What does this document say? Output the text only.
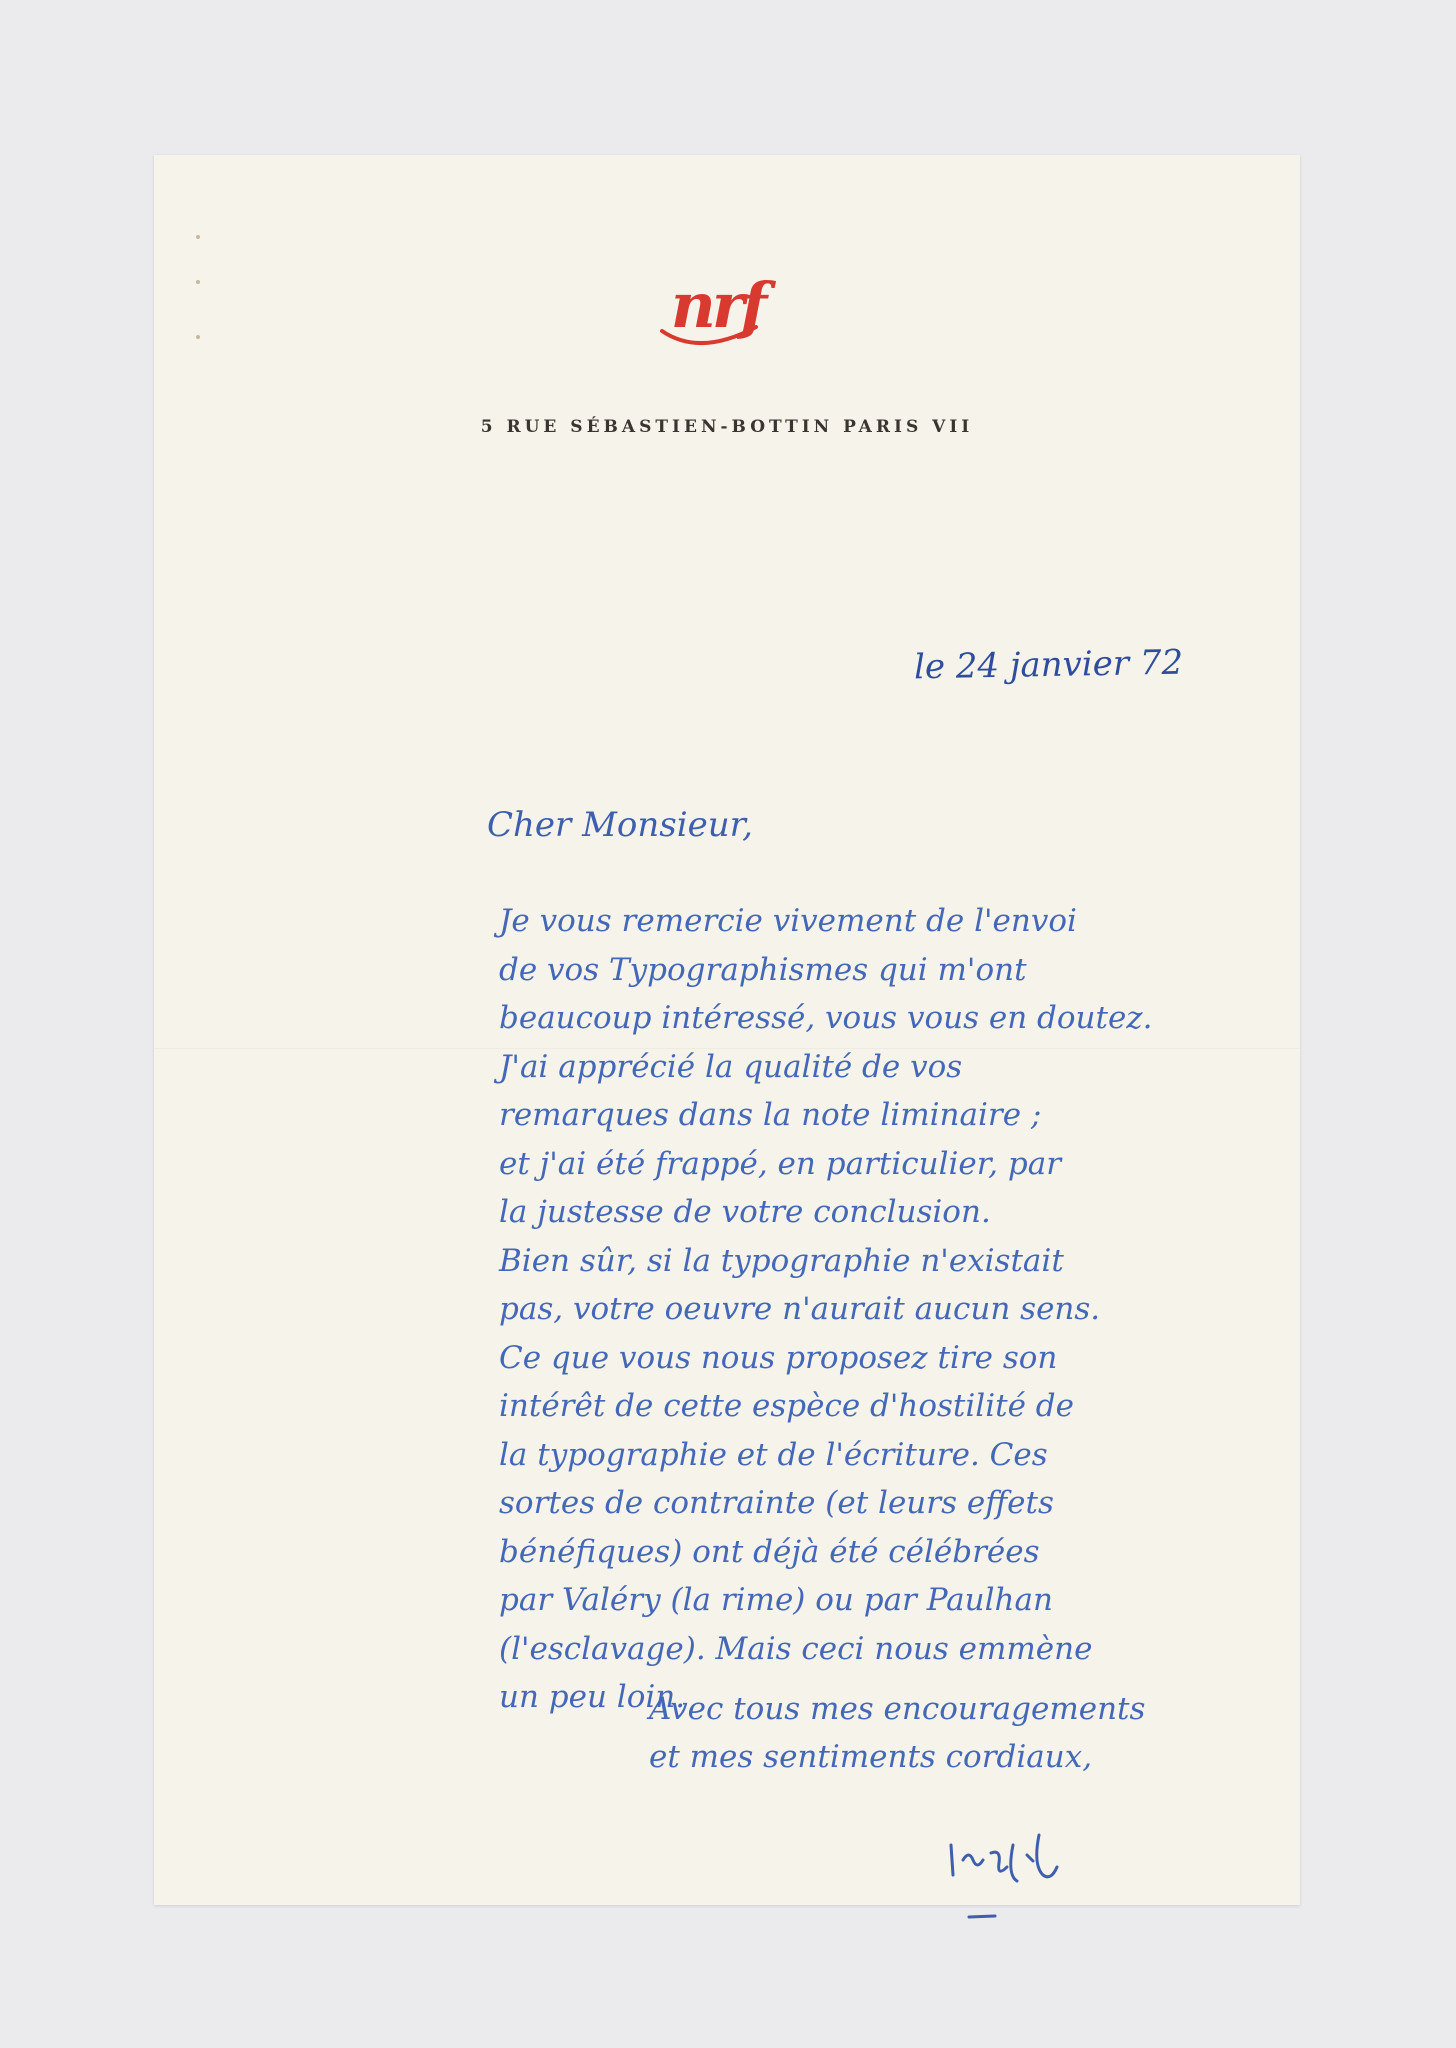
nrf
5 RUE SÉBASTIEN-BOTTIN PARIS VII
le 24 janvier 72
Cher Monsieur,
Je vous remercie vivement de l'envoi
de vos Typographismes qui m'ont
beaucoup intéressé, vous vous en doutez.
J'ai apprécié la qualité de vos
remarques dans la note liminaire ;
et j'ai été frappé, en particulier, par
la justesse de votre conclusion.
Bien sûr, si la typographie n'existait
pas, votre oeuvre n'aurait aucun sens.
Ce que vous nous proposez tire son
intérêt de cette espèce d'hostilité de
la typographie et de l'écriture. Ces
sortes de contrainte (et leurs effets
bénéfiques) ont déjà été célébrées
par Valéry (la rime) ou par Paulhan
(l'esclavage). Mais ceci nous emmène
un peu loin.
Avec tous mes encouragements
et mes sentiments cordiaux,
